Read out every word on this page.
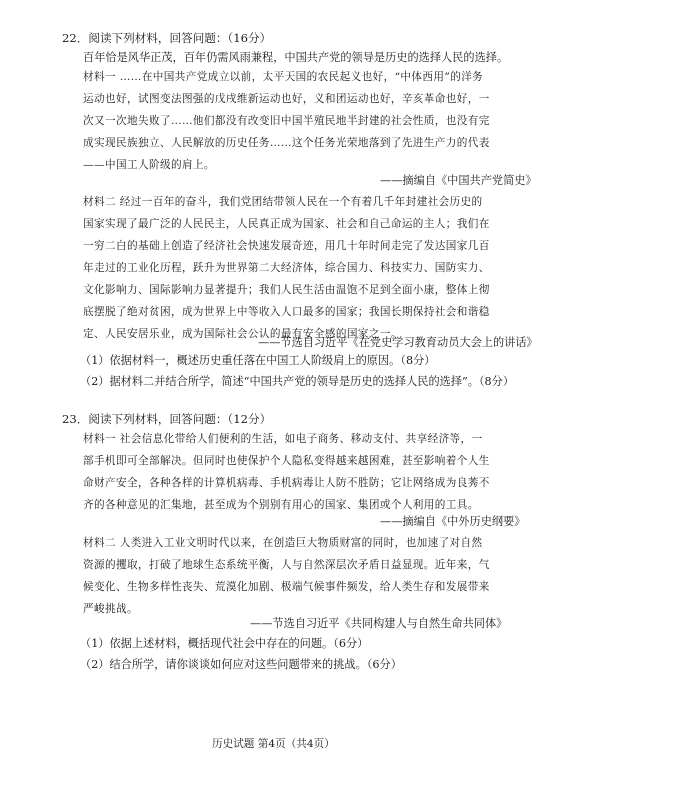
22．阅读下列材料，回答问题：（16分）

百年恰是风华正茂，百年仍需风雨兼程，中国共产党的领导是历史的选择人民的选择。

材料一 ……在中国共产党成立以前，太平天国的农民起义也好，“中体西用”的洋务

运动也好，试图变法图强的戊戌维新运动也好，义和团运动也好，辛亥革命也好，一

次又一次地失败了……他们都没有改变旧中国半殖民地半封建的社会性质，也没有完

成实现民族独立、人民解放的历史任务……这个任务光荣地落到了先进生产力的代表

——中国工人阶级的肩上。

——摘编自《中国共产党简史》

材料二 经过一百年的奋斗，我们党团结带领人民在一个有着几千年封建社会历史的

国家实现了最广泛的人民民主，人民真正成为国家、社会和自己命运的主人；我们在

一穷二白的基础上创造了经济社会快速发展奇迹，用几十年时间走完了发达国家几百

年走过的工业化历程，跃升为世界第二大经济体，综合国力、科技实力、国防实力、

文化影响力、国际影响力显著提升；我们人民生活由温饱不足到全面小康，整体上彻

底摆脱了绝对贫困，成为世界上中等收入人口最多的国家；我国长期保持社会和谐稳

定、人民安居乐业，成为国际社会公认的最有安全感的国家之一。

——节选自习近平《在党史学习教育动员大会上的讲话》

（1）依据材料一，概述历史重任落在中国工人阶级肩上的原因。（8分）

（2）据材料二并结合所学，简述“中国共产党的领导是历史的选择人民的选择”。（8分）

23．阅读下列材料，回答问题：（12分）

材料一 社会信息化带给人们便利的生活，如电子商务、移动支付、共享经济等，一

部手机即可全部解决。但同时也使保护个人隐私变得越来越困难，甚至影响着个人生

命财产安全，各种各样的计算机病毒、手机病毒让人防不胜防；它让网络成为良莠不

齐的各种意见的汇集地，甚至成为个别别有用心的国家、集团或个人利用的工具。

——摘编自《中外历史纲要》

材料二 人类进入工业文明时代以来，在创造巨大物质财富的同时，也加速了对自然

资源的攫取，打破了地球生态系统平衡，人与自然深层次矛盾日益显现。近年来，气

候变化、生物多样性丧失、荒漠化加剧、极端气候事件频发，给人类生存和发展带来

严峻挑战。

——节选自习近平《共同构建人与自然生命共同体》

（1）依据上述材料，概括现代社会中存在的问题。（6分）

（2）结合所学，请你谈谈如何应对这些问题带来的挑战。（6分）

历史试题 第4页（共4页）
